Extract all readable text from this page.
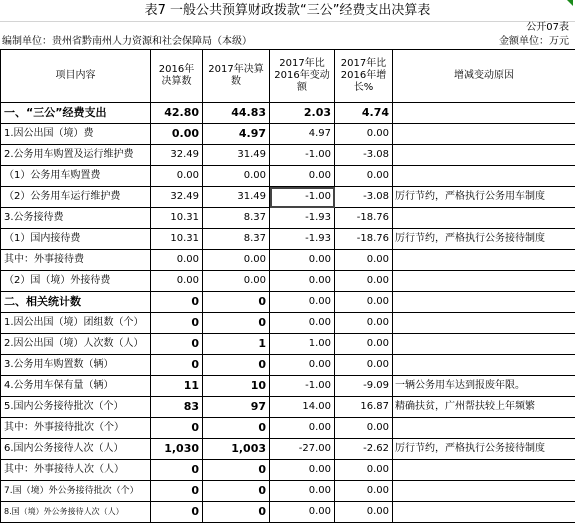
表7 一般公共预算财政拨款“三公”经费支出决算表
公开07表
编制单位：贵州省黔南州人力资源和社会保障局（本级）	金额单位：万元
项目内容	2016年决算数	2017年决算数	2017年比2016年变动额	2017年比2016年增长%	增减变动原因
一、“三公”经费支出	42.80	44.83	2.03	4.74	
1.因公出国（境）费	0.00	4.97	4.97	0.00	
2.公务用车购置及运行维护费	32.49	31.49	-1.00	-3.08	
（1）公务用车购置费	0.00	0.00	0.00	0.00	
（2）公务用车运行维护费	32.49	31.49	-1.00	-3.08	厉行节约，严格执行公务用车制度
3.公务接待费	10.31	8.37	-1.93	-18.76	
（1）国内接待费	10.31	8.37	-1.93	-18.76	厉行节约，严格执行公务接待制度
其中：外事接待费	0.00	0.00	0.00	0.00	
（2）国（境）外接待费	0.00	0.00	0.00	0.00	
二、相关统计数	0	0	0.00	0.00	
1.因公出国（境）团组数（个）	0	0	0.00	0.00	
2.因公出国（境）人次数（人）	0	1	1.00	0.00	
3.公务用车购置数（辆）	0	0	0.00	0.00	
4.公务用车保有量（辆）	11	10	-1.00	-9.09	一辆公务用车达到报废年限。
5.国内公务接待批次（个）	83	97	14.00	16.87	精确扶贫，广州帮扶较上年频繁
其中：外事接待批次（个）	0	0	0.00	0.00	
6.国内公务接待人次（人）	1,030	1,003	-27.00	-2.62	厉行节约，严格执行公务接待制度
其中：外事接待人次（人）	0	0	0.00	0.00	
7.国（境）外公务接待批次（个）	0	0	0.00	0.00	
8.国（境）外公务接待人次（人）	0	0	0.00	0.00	
